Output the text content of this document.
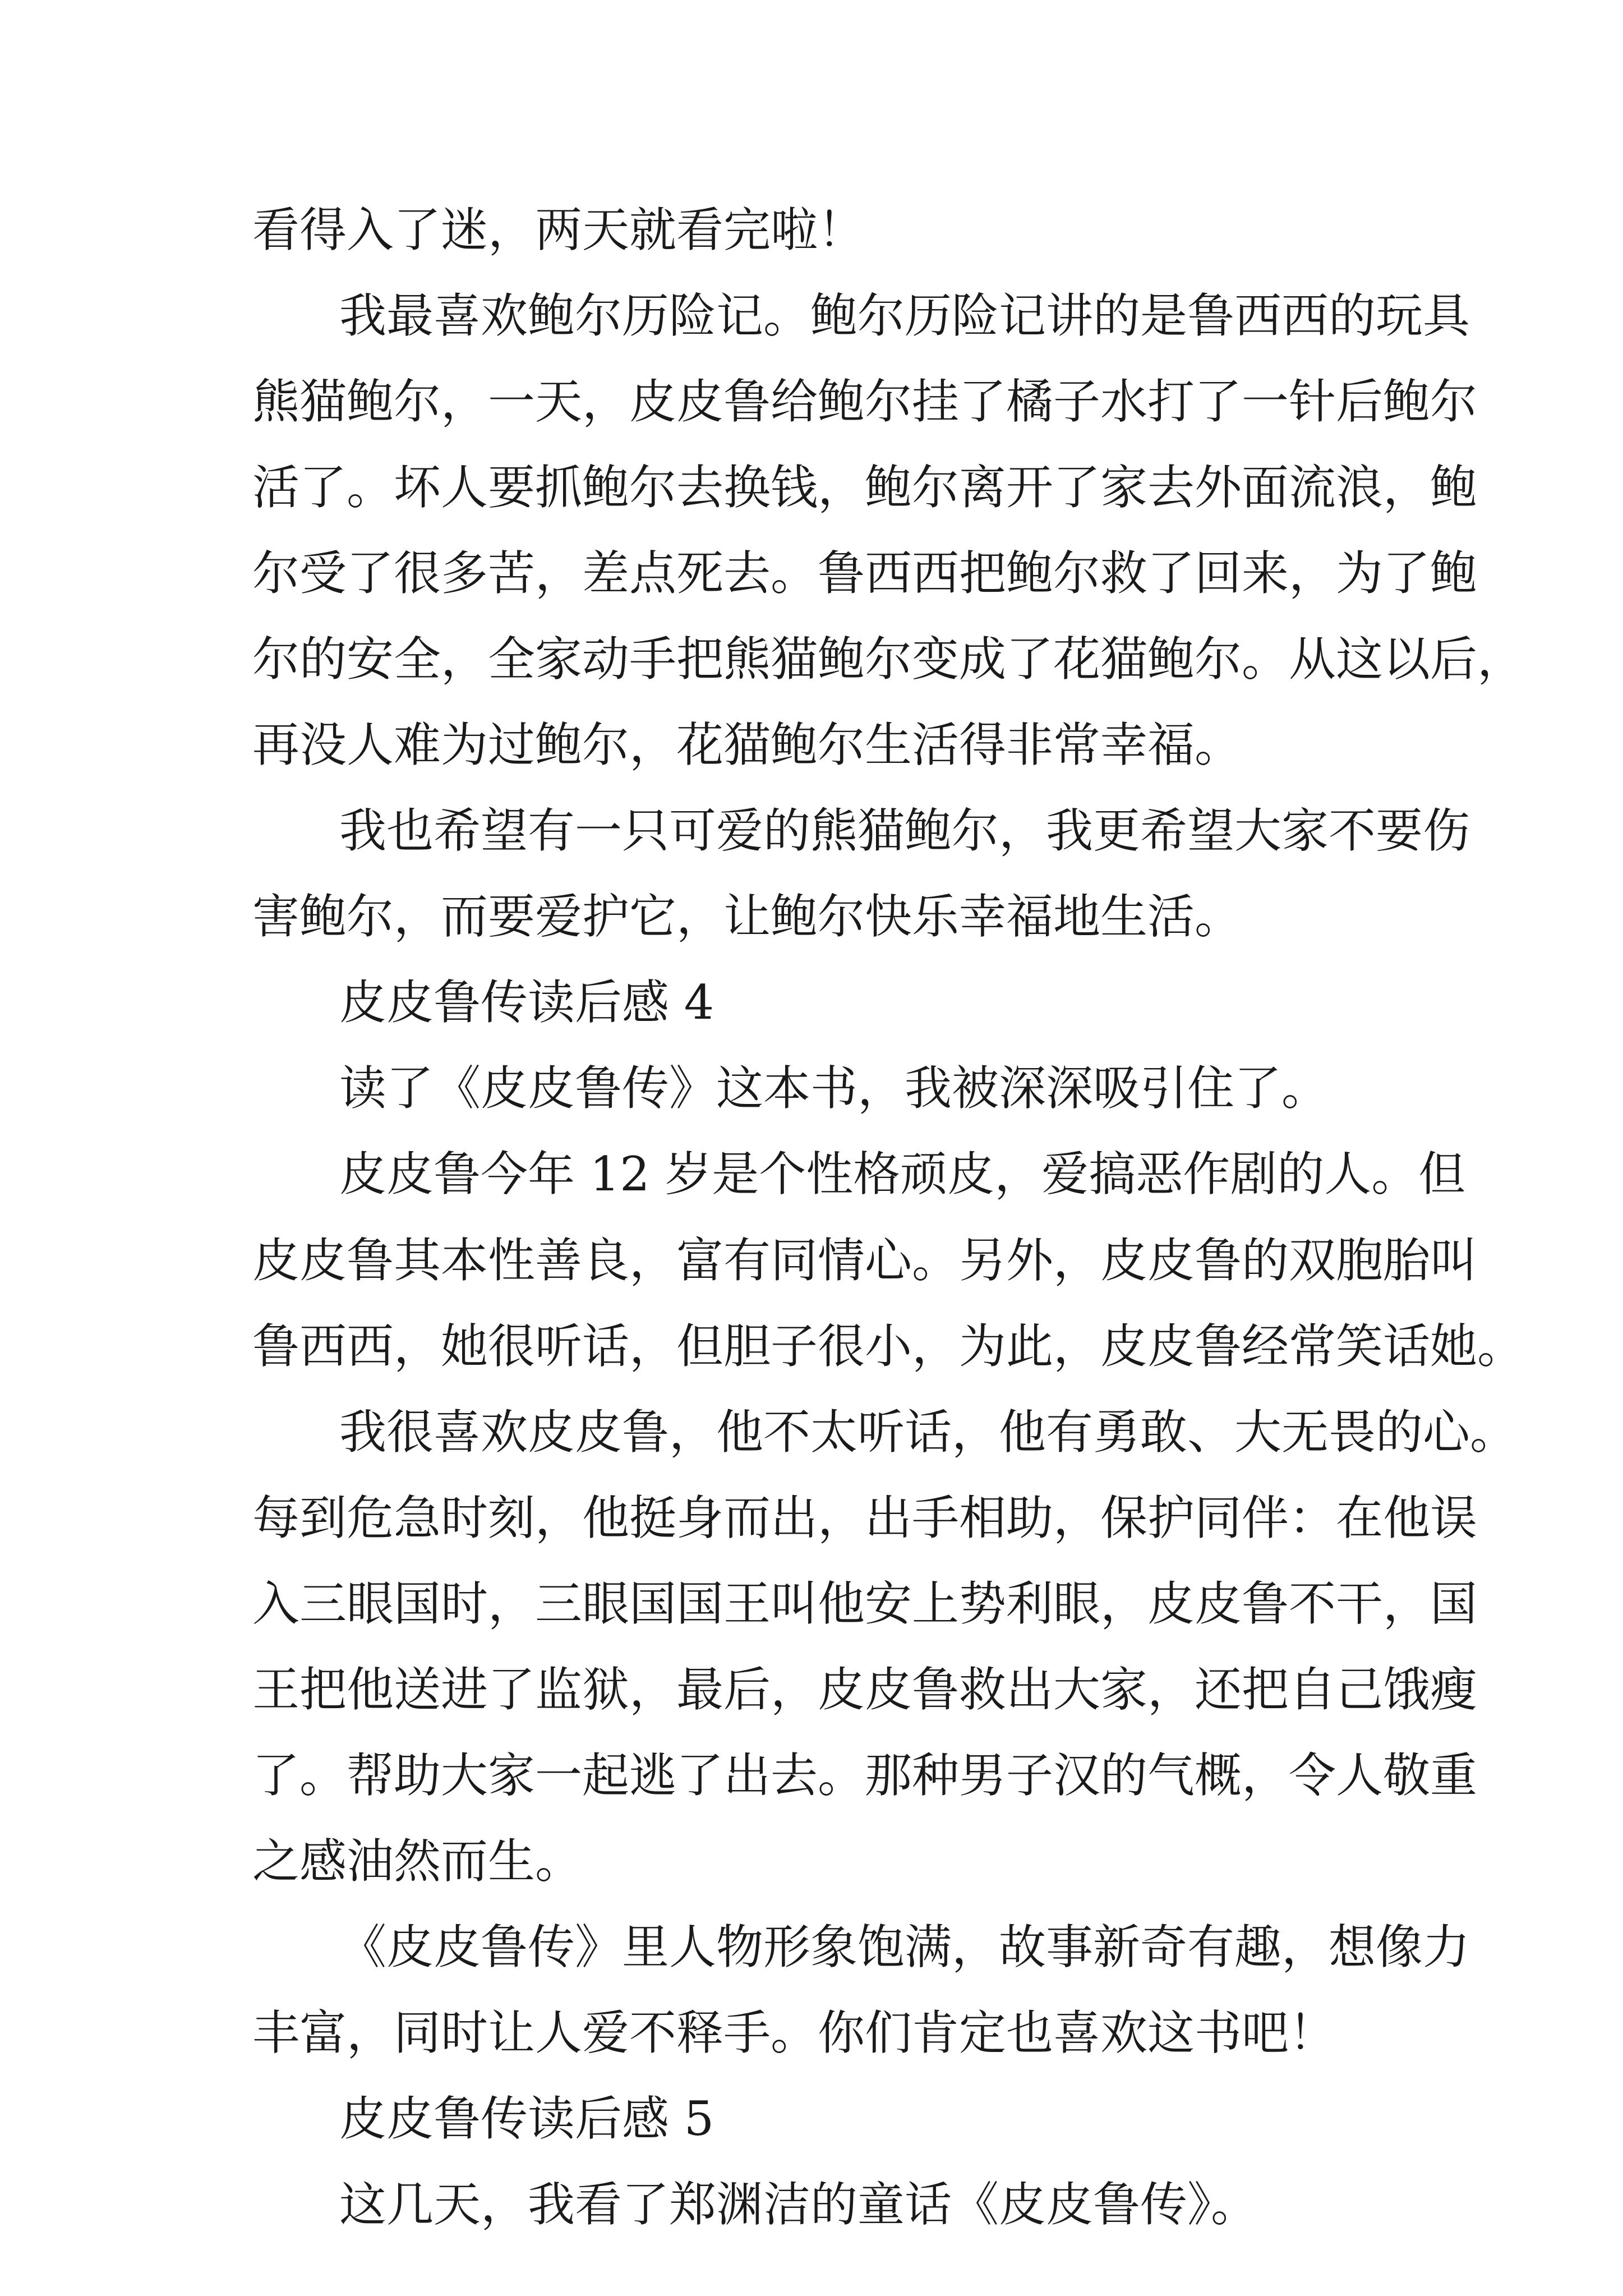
看得入了迷，两天就看完啦！
我最喜欢鲍尔历险记。鲍尔历险记讲的是鲁西西的玩具
熊猫鲍尔，一天，皮皮鲁给鲍尔挂了橘子水打了一针后鲍尔
活了。坏人要抓鲍尔去换钱，鲍尔离开了家去外面流浪，鲍
尔受了很多苦，差点死去。鲁西西把鲍尔救了回来，为了鲍
尔的安全，全家动手把熊猫鲍尔变成了花猫鲍尔。从这以后，
再没人难为过鲍尔，花猫鲍尔生活得非常幸福。
我也希望有一只可爱的熊猫鲍尔，我更希望大家不要伤
害鲍尔，而要爱护它，让鲍尔快乐幸福地生活。
皮皮鲁传读后感 4
读了《皮皮鲁传》这本书，我被深深吸引住了。
皮皮鲁今年 12 岁是个性格顽皮，爱搞恶作剧的人。但
皮皮鲁其本性善良，富有同情心。另外，皮皮鲁的双胞胎叫
鲁西西，她很听话，但胆子很小，为此，皮皮鲁经常笑话她。
我很喜欢皮皮鲁，他不太听话，他有勇敢、大无畏的心。
每到危急时刻，他挺身而出，出手相助，保护同伴：在他误
入三眼国时，三眼国国王叫他安上势利眼，皮皮鲁不干，国
王把他送进了监狱，最后，皮皮鲁救出大家，还把自己饿瘦
了。帮助大家一起逃了出去。那种男子汉的气概，令人敬重
之感油然而生。
《皮皮鲁传》里人物形象饱满，故事新奇有趣，想像力
丰富，同时让人爱不释手。你们肯定也喜欢这书吧！
皮皮鲁传读后感 5
这几天，我看了郑渊洁的童话《皮皮鲁传》。
